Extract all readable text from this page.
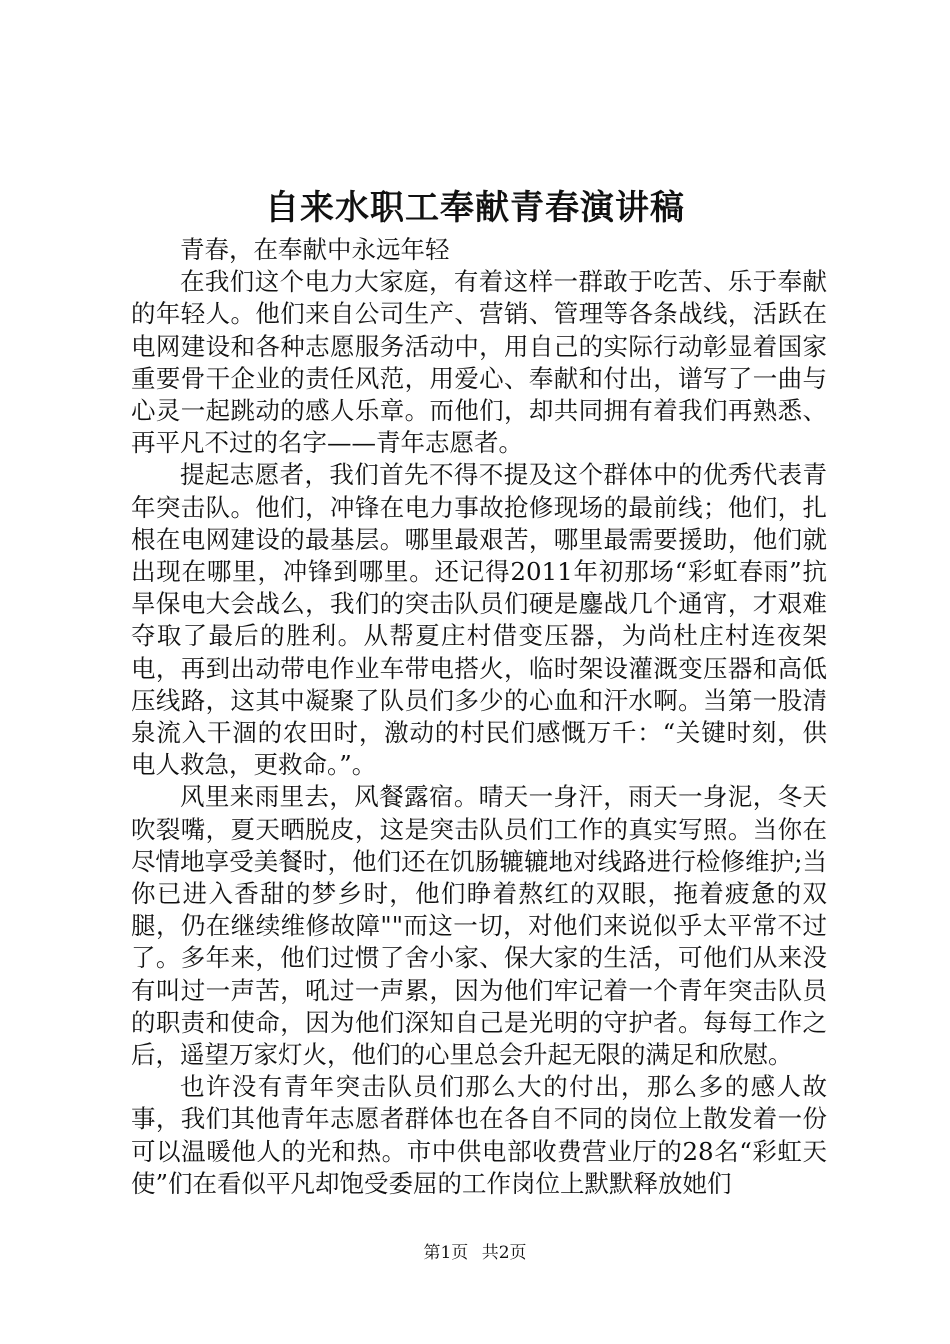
自来水职工奉献青春演讲稿

青春，在奉献中永远年轻

在我们这个电力大家庭，有着这样一群敢于吃苦、乐于奉献的年轻人。他们来自公司生产、营销、管理等各条战线，活跃在电网建设和各种志愿服务活动中，用自己的实际行动彰显着国家重要骨干企业的责任风范，用爱心、奉献和付出，谱写了一曲与心灵一起跳动的感人乐章。而他们，却共同拥有着我们再熟悉、再平凡不过的名字——青年志愿者。

提起志愿者，我们首先不得不提及这个群体中的优秀代表青年突击队。他们，冲锋在电力事故抢修现场的最前线；他们，扎根在电网建设的最基层。哪里最艰苦，哪里最需要援助，他们就出现在哪里，冲锋到哪里。还记得2011年初那场“彩虹春雨”抗旱保电大会战么，我们的突击队员们硬是鏖战几个通宵，才艰难夺取了最后的胜利。从帮夏庄村借变压器，为尚杜庄村连夜架电，再到出动带电作业车带电搭火，临时架设灌溉变压器和高低压线路，这其中凝聚了队员们多少的心血和汗水啊。当第一股清泉流入干涸的农田时，激动的村民们感慨万千：“关键时刻，供电人救急，更救命。”。

风里来雨里去，风餐露宿。晴天一身汗，雨天一身泥，冬天吹裂嘴，夏天晒脱皮，这是突击队员们工作的真实写照。当你在尽情地享受美餐时，他们还在饥肠辘辘地对线路进行检修维护;当你已进入香甜的梦乡时，他们睁着熬红的双眼，拖着疲惫的双腿，仍在继续维修故障""而这一切，对他们来说似乎太平常不过了。多年来，他们过惯了舍小家、保大家的生活，可他们从来没有叫过一声苦，吼过一声累，因为他们牢记着一个青年突击队员的职责和使命，因为他们深知自己是光明的守护者。每每工作之后，遥望万家灯火，他们的心里总会升起无限的满足和欣慰。

也许没有青年突击队员们那么大的付出，那么多的感人故事，我们其他青年志愿者群体也在各自不同的岗位上散发着一份可以温暖他人的光和热。市中供电部收费营业厅的28名“彩虹天使”们在看似平凡却饱受委屈的工作岗位上默默释放她们

第1页 共2页
